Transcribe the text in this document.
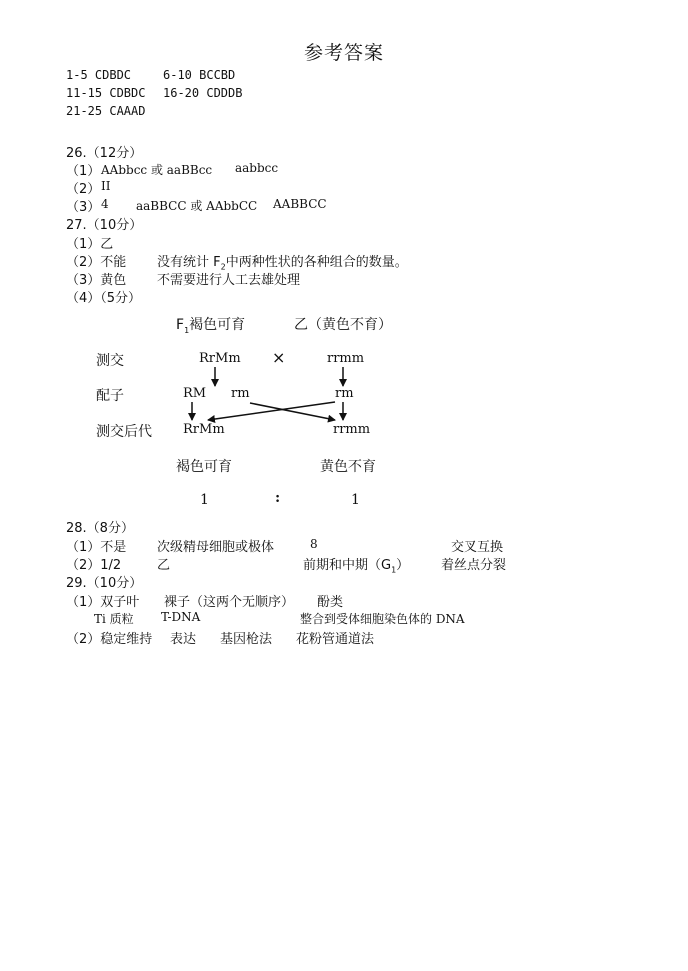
参考答案
1-5 CDBDC	6-10 BCCBD
11-15 CDBDC 16-20 CDDDB
21-25 CAAAD
26.（12分）
（1） AAbbcc 或 aaBBcc aabbcc
（2） II
（3） 4 aaBBCC 或 AAbbCC AABBCC
27.（10分）
（1）乙
（2）不能 没有统计 $F_2$中两种性状的各种组合的数量。
（3）黄色 不需要进行人工去雄处理
（4）（5分）
$F_1$褐色可育	乙（黄色不育）
测交
配子
测交后代
RrMm ×	rrmm
RM rm	rm
RrMm	rrmm
褐色可育	黄色不育
1	:	1
28.（8分）
（1）不是 次级精母细胞或极体	8	交叉互换
（2）1/2	乙	前期和中期$(G_1)$ 着丝点分裂
29.（10分）
（1）双子叶 裸子（这两个无顺序） 酚类
Ti 质粒 T-DNA	整合到受体细胞染色体的 DNA
（2）稳定维持 表达 基因枪法 花粉管通道法
